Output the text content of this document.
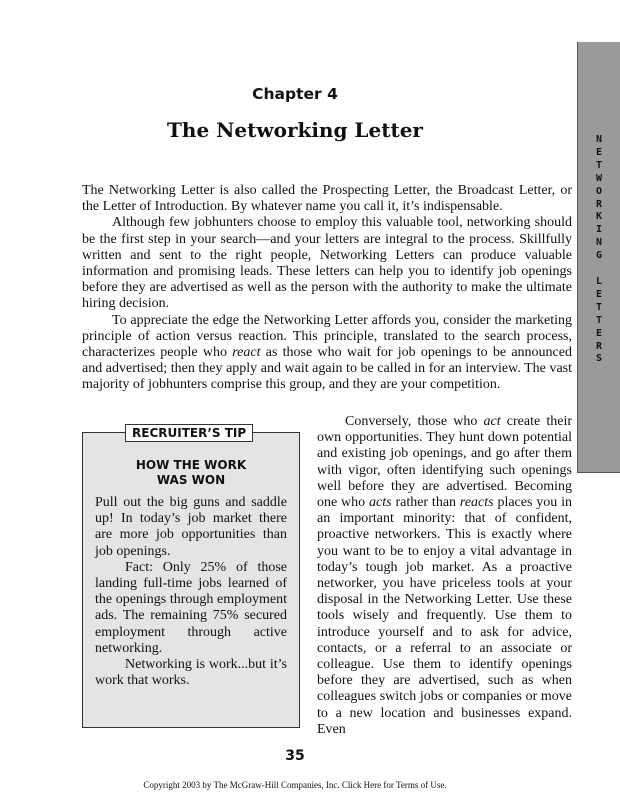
N
E
T
W
O
R
K
I
N
G

L
E
T
T
E
R
S
Chapter 4
The Networking Letter

The Networking Letter is also called the Prospecting Letter, the Broadcast Letter, or the Letter of Introduction. By whatever name you call it, it’s indispensable.

Although few jobhunters choose to employ this valuable tool, networking should be the first step in your search—and your letters are integral to the process. Skillfully written and sent to the right people, Networking Letters can produce valuable information and promising leads. These letters can help you to identify job openings before they are advertised as well as the person with the authority to make the ultimate hiring decision.

To appreciate the edge the Networking Letter affords you, consider the marketing principle of action versus reaction. This principle, translated to the search process, characterizes people who react as those who wait for job openings to be announced and advertised; then they apply and wait again to be called in for an interview. The vast majority of jobhunters comprise this group, and they are your competition.

RECRUITER’S TIP
HOW THE WORK
WAS WON

Pull out the big guns and saddle up! In today’s job market there are more job opportunities than job openings.

Fact: Only 25% of those landing full-time jobs learned of the openings through employment ads. The remaining 75% secured employment through active networking.

Networking is work...but it’s work that works.

Conversely, those who act create their own opportunities. They hunt down potential and existing job openings, and go after them with vigor, often identifying such openings well before they are advertised. Becoming one who acts rather than reacts places you in an important minority: that of confident, proactive networkers. This is exactly where you want to be to enjoy a vital advantage in today’s tough job market. As a proactive networker, you have priceless tools at your disposal in the Networking Letter. Use these tools wisely and frequently. Use them to introduce yourself and to ask for advice, contacts, or a referral to an associate or colleague. Use them to identify openings before they are advertised, such as when colleagues switch jobs or companies or move to a new location and businesses expand. Even

35
Copyright 2003 by The McGraw-Hill Companies, Inc. Click Here for Terms of Use.
